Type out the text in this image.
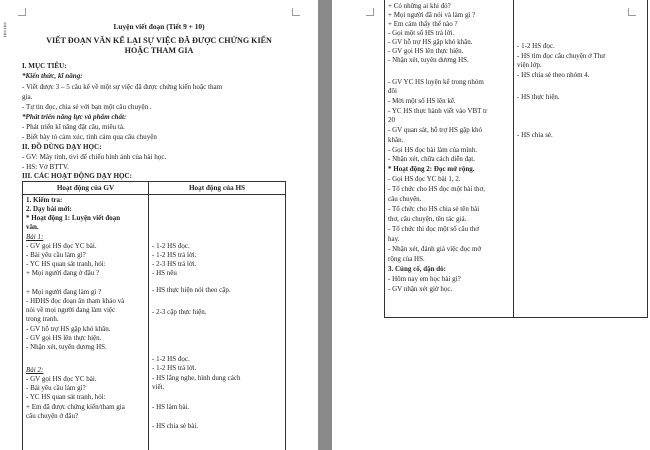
⁞⁞
⁞⁞
Luyện viết đoạn (Tiết 9 + 10)
VIẾT ĐOẠN VĂN KỂ LẠI SỰ VIỆC ĐÃ ĐƯỢC CHỨNG KIẾN
HOẶC THAM GIA
I. MỤC TIÊU:
*Kiến thức, kĩ năng:
- Viết được 3 – 5 câu kể về một sự việc đã được chứng kiến hoặc tham
gia.
- Tự tin đọc, chia sẻ với bạn một câu chuyện .
*Phát triển năng lực và phẩm chất:
- Phát triển kĩ năng đặt câu, miêu tả.
- Biết bày tỏ cảm xúc, tình cảm qua câu chuyện
II. ĐỒ DÙNG DẠY HỌC:
- GV: Máy tính, tivi để chiếu hình ảnh của bài học.
- HS: Vở BTTV.
III. CÁC HOẠT ĐỘNG DẠY HỌC:
Hoạt động của GV	Hoạt động của HS
1. Kiểm tra:
2. Dạy bài mới:
* Hoạt động 1: Luyện viết đoạn
văn.
Bài 1:
- GV gọi HS đọc YC bài.
- Bài yêu cầu làm gì?
- YC HS quan sát tranh, hỏi:
+ Mọi người đang ở đâu ?
+ Mọi người đang làm gì ?
- HĐHS đọc đoạn ăn tham khảo và
nói về mọi người đang làm việc
trong tranh.
- GV hỗ trợ HS gặp khó khăn.
- GV gọi HS lên thực hiện.
- Nhận xét, tuyên dương HS.
Bài 2:
- GV gọi HS đọc YC bài.
- Bài yêu cầu làm gì?
- YC HS quan sát tranh, hỏi:
+ Em đã được chứng kiến/tham gia
câu chuyện ở đâu?
- 1-2 HS đọc.
- 1-2 HS trả lời.
- 2-3 HS trả lời.
- HS nêu
- HS thực hiện nói theo cặp.
- 2-3 cặp thực hiện.
- 1-2 HS đọc.
- 1-2 HS trả lời.
- HS lắng nghe, hình dung cách
viết.
- HS làm bài.
- HS chia sẻ bài.
+ Có những ai khi đó?
+ Mọi người đã nói và làm gì ?
+ Em cảm thấy thế nào ?
- Gọi một số HS trả lời.
- GV hỗ trợ HS gặp khó khăn.
- GV gọi HS lên thực hiện.
- Nhận xét, tuyên dương HS.
- GV YC HS luyện kể trong nhóm
đôi
- Mời một số HS lên kể.
- YC HS thực hành viết vào VBT tr
20
- GV quan sát, hỗ trợ HS gặp khó
khăn.
- Gọi HS đọc bài làm của mình.
- Nhận xét, chữa cách diễn đạt.
* Hoạt động 2: Đọc mở rộng.
- Gọi HS đọc YC bài 1, 2.
- Tổ chức cho HS đọc một bài thơ,
câu chuyện.
- Tổ chức cho HS chia sẻ tên bài
thơ, câu chuyện, tên tác giả.
- Tổ chức thi đọc một số câu thơ
hay.
- Nhận xét, đánh giá việc đọc mở
rộng của HS.
3. Củng cố, dặn dò:
- Hôm nay em học bài gì?
- GV nhận xét giờ học.
- 1-2 HS đọc.
- HS tìm đọc câu chuyện ở Thư
viện lớp.
- HS chia sẻ theo nhóm 4.
- HS thực hiện.
- HS chia sẻ.
